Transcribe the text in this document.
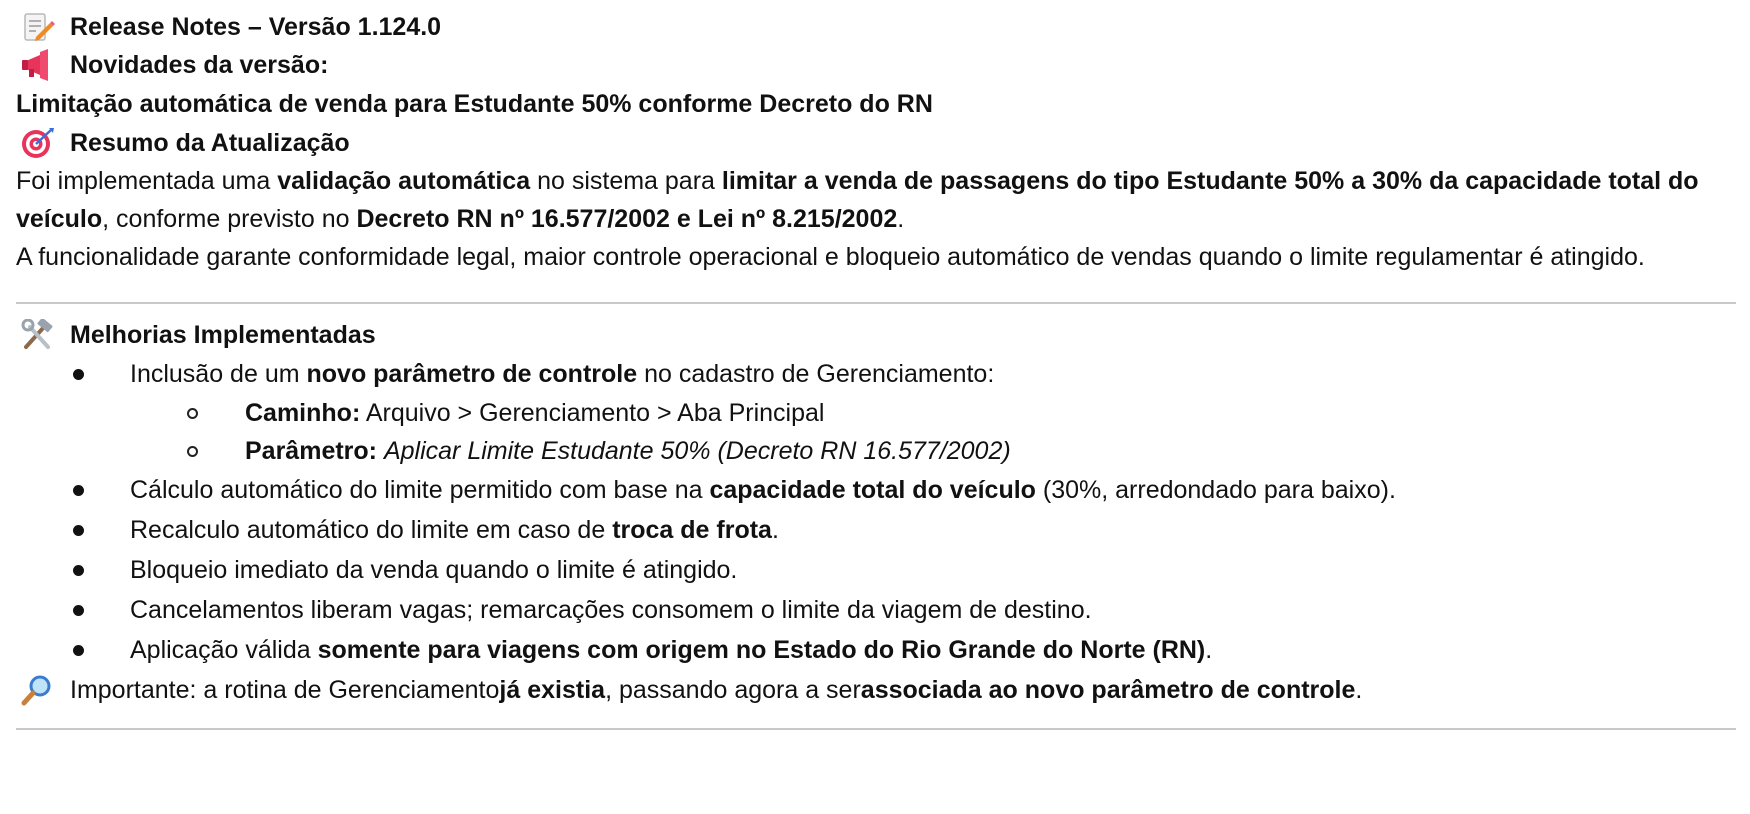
Release Notes – Versão 1.124.0
Novidades da versão:

Limitação automática de venda para Estudante 50% conforme Decreto do RN

Resumo da Atualização

Foi implementada uma validação automática no sistema para limitar a venda de passagens do tipo Estudante 50% a 30% da capacidade total do veículo, conforme previsto no Decreto RN nº 16.577/2002 e Lei nº 8.215/2002.

A funcionalidade garante conformidade legal, maior controle operacional e bloqueio automático de vendas quando o limite regulamentar é atingido.

Melhorias Implementadas
Inclusão de um novo parâmetro de controle no cadastro de Gerenciamento:
Caminho: Arquivo > Gerenciamento > Aba Principal
Parâmetro: Aplicar Limite Estudante 50% (Decreto RN 16.577/2002)
Cálculo automático do limite permitido com base na capacidade total do veículo (30%, arredondado para baixo).
Recalculo automático do limite em caso de troca de frota.
Bloqueio imediato da venda quando o limite é atingido.
Cancelamentos liberam vagas; remarcações consomem o limite da viagem de destino.
Aplicação válida somente para viagens com origem no Estado do Rio Grande do Norte (RN).
Importante: a rotina de Gerenciamento já existia , passando agora a ser associada ao novo parâmetro de controle .
